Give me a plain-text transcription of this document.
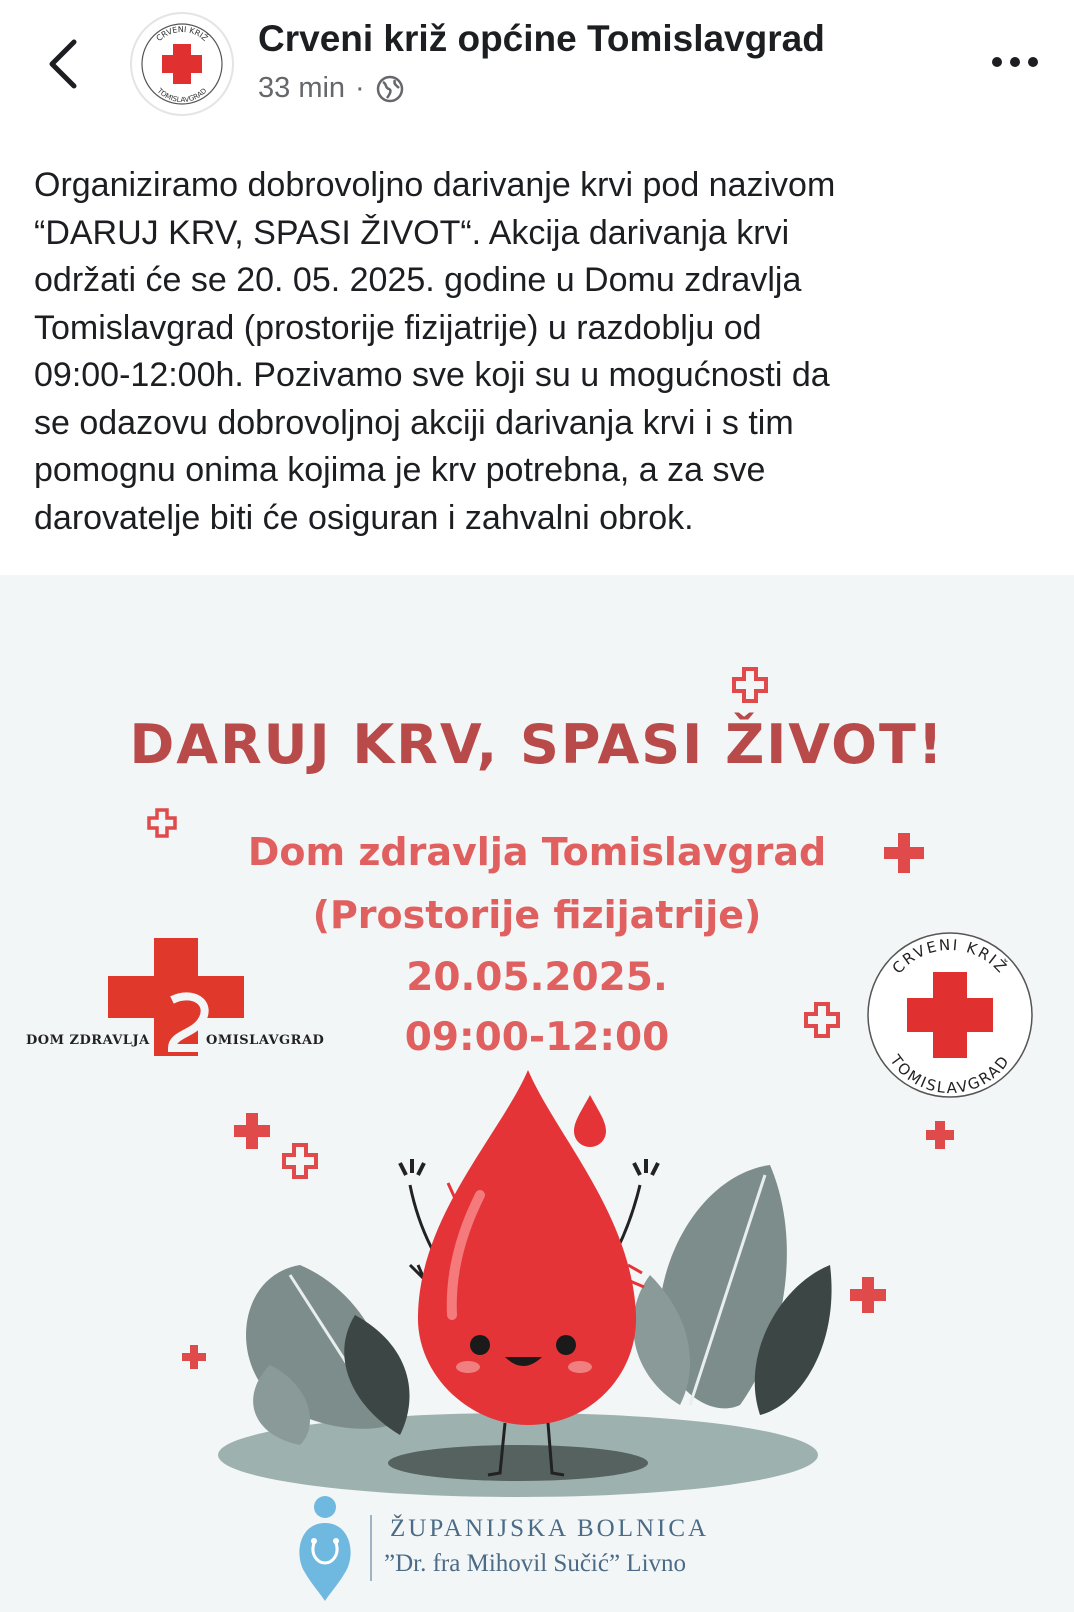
CRVENI KRIŽ
TOMISLAVGRAD
Crveni križ općine Tomislavgrad
33 min ·
Organiziramo dobrovoljno darivanje krvi pod nazivom
“DARUJ KRV, SPASI ŽIVOT“. Akcija darivanja krvi
održati će se 20. 05. 2025. godine u Domu zdravlja
Tomislavgrad (prostorije fizijatrije) u razdoblju od
09:00-12:00h. Pozivamo sve koji su u mogućnosti da
se odazovu dobrovoljnoj akciji darivanja krvi i s tim
pomognu onima kojima je krv potrebna, a za sve
darovatelje biti će osiguran i zahvalni obrok.
DOM ZDRAVLJA	OMISLAVGRAD
CRVENI KRIŽ
TOMISLAVGRAD
DARUJ KRV, SPASI ŽIVOT!
Dom zdravlja Tomislavgrad
(Prostorije fizijatrije)
20.05.2025.
09:00-12:00
ŽUPANIJSKA BOLNICA
”Dr. fra Mihovil Sučić” Livno
